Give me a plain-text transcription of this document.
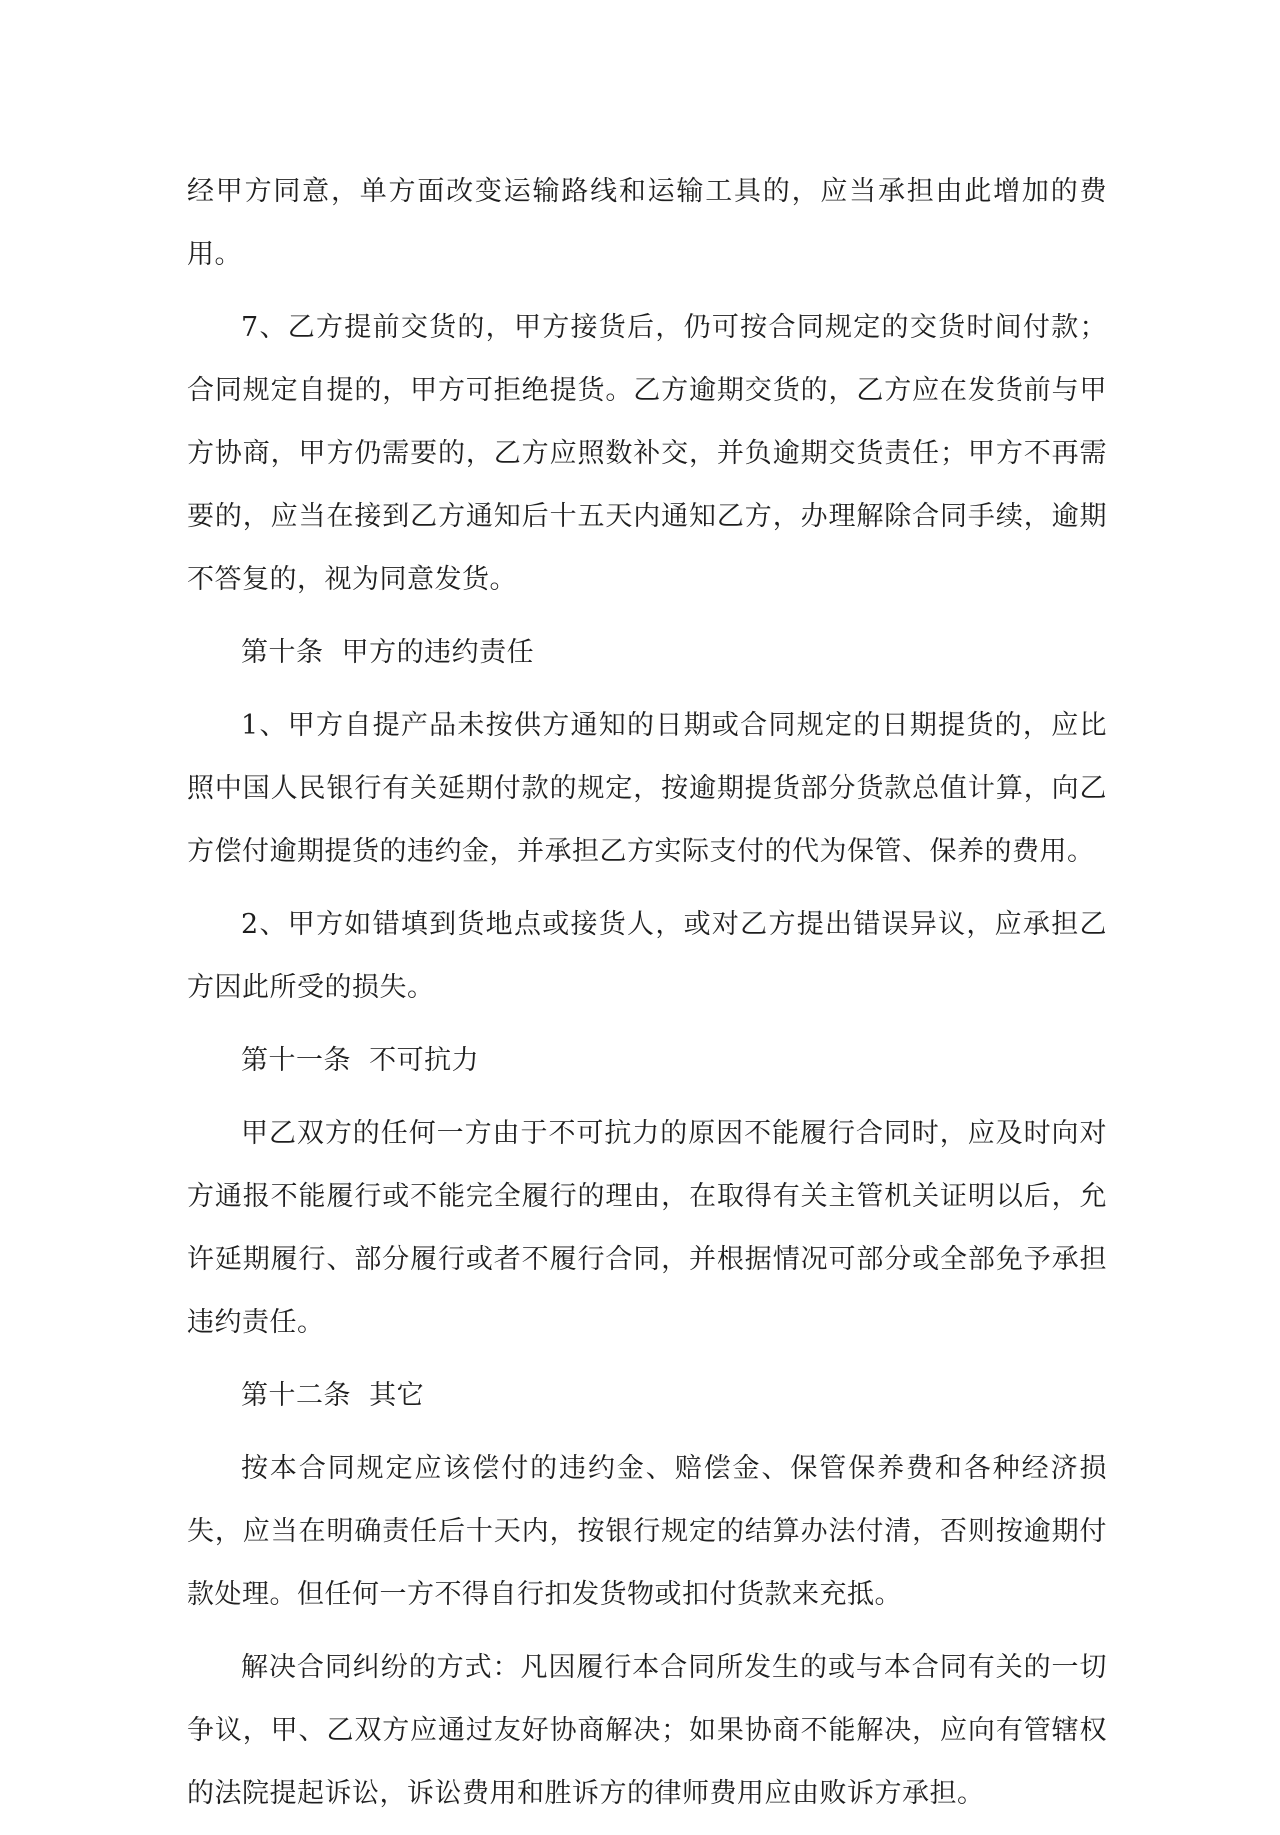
经甲方同意，单方面改变运输路线和运输工具的，应当承担由此增加的费用。

7、乙方提前交货的，甲方接货后，仍可按合同规定的交货时间付款；合同规定自提的，甲方可拒绝提货。乙方逾期交货的，乙方应在发货前与甲方协商，甲方仍需要的，乙方应照数补交，并负逾期交货责任；甲方不再需要的，应当在接到乙方通知后十五天内通知乙方，办理解除合同手续，逾期不答复的，视为同意发货。

第十条  甲方的违约责任

1、甲方自提产品未按供方通知的日期或合同规定的日期提货的，应比照中国人民银行有关延期付款的规定，按逾期提货部分货款总值计算，向乙方偿付逾期提货的违约金，并承担乙方实际支付的代为保管、保养的费用。

2、甲方如错填到货地点或接货人，或对乙方提出错误异议，应承担乙方因此所受的损失。

第十一条  不可抗力

甲乙双方的任何一方由于不可抗力的原因不能履行合同时，应及时向对方通报不能履行或不能完全履行的理由，在取得有关主管机关证明以后，允许延期履行、部分履行或者不履行合同，并根据情况可部分或全部免予承担违约责任。

第十二条  其它

按本合同规定应该偿付的违约金、赔偿金、保管保养费和各种经济损失，应当在明确责任后十天内，按银行规定的结算办法付清，否则按逾期付款处理。但任何一方不得自行扣发货物或扣付货款来充抵。

解决合同纠纷的方式：凡因履行本合同所发生的或与本合同有关的一切争议，甲、乙双方应通过友好协商解决；如果协商不能解决，应向有管辖权的法院提起诉讼，诉讼费用和胜诉方的律师费用应由败诉方承担。
